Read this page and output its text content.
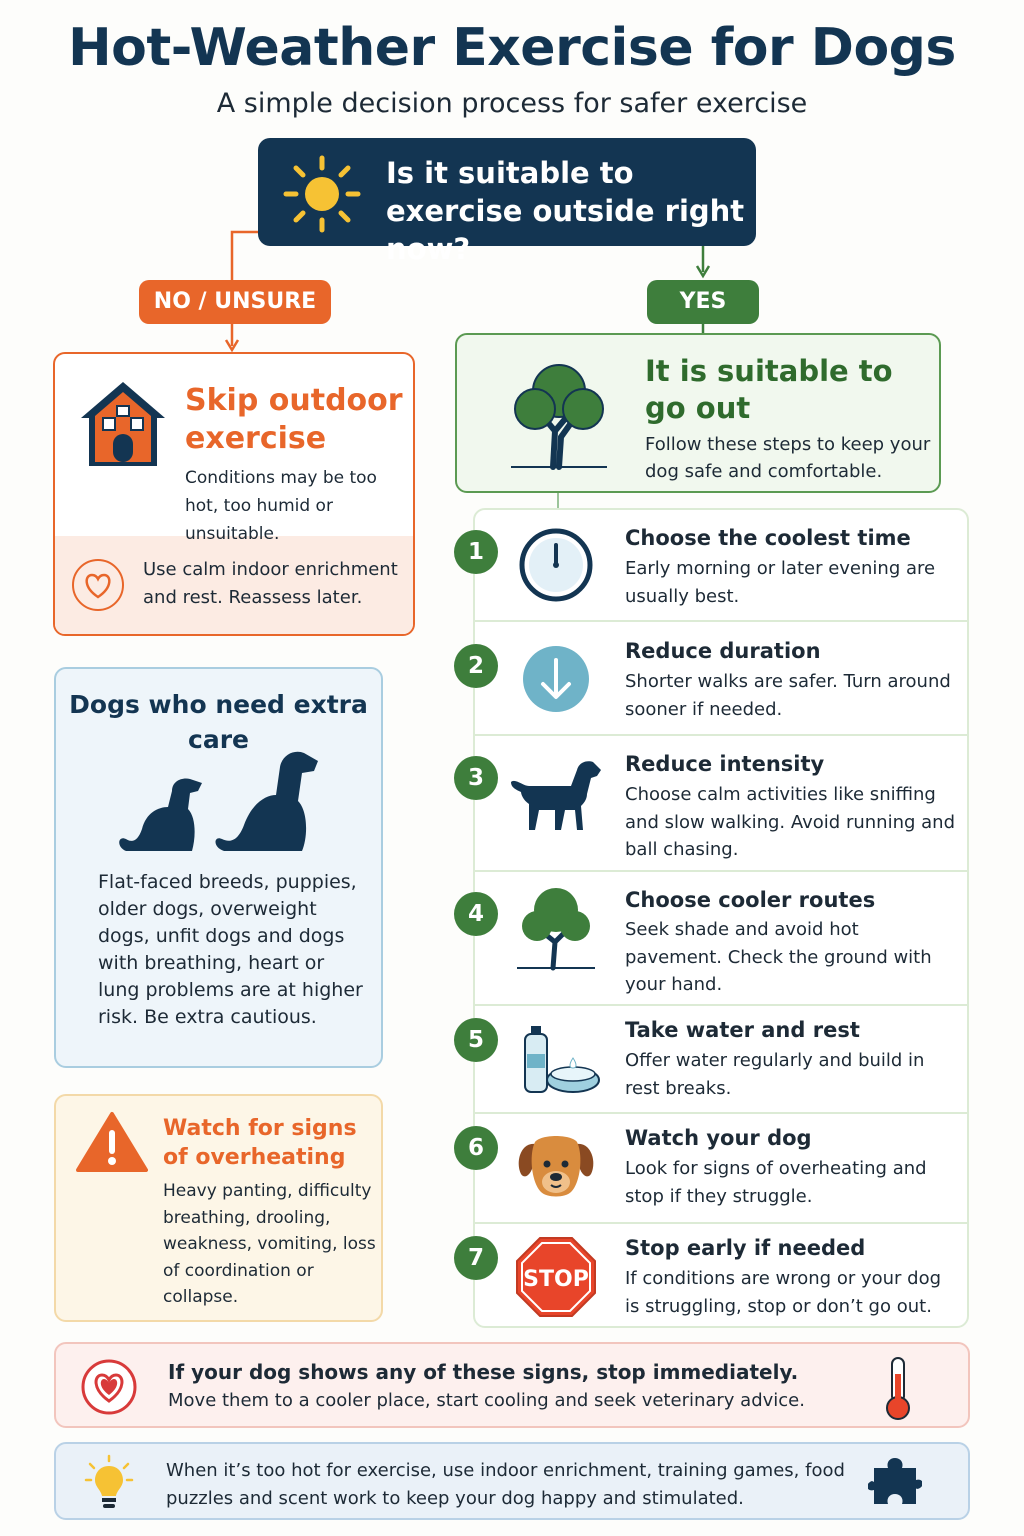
Hot-Weather Exercise for Dogs
A simple decision process for safer exercise
Is it suitable to exercise outside right now?
NO / UNSURE	YES
Skip outdoor exercise
Conditions may be too hot, too humid or unsuitable.
Use calm indoor enrichment and rest. Reassess later.
It is suitable to go out
Follow these steps to keep your dog safe and comfortable.
Dogs who need extra care
Flat-faced breeds, puppies, older dogs, overweight dogs, unfit dogs and dogs with breathing, heart or lung problems are at higher risk. Be extra cautious.
Watch for signs of overheating
Heavy panting, difficulty breathing, drooling, weakness, vomiting, loss of coordination or collapse.
1
Choose the coolest time
Early morning or later evening are usually best.
2
Reduce duration
Shorter walks are safer. Turn around sooner if needed.
3
Reduce intensity
Choose calm activities like sniffing and slow walking. Avoid running and ball chasing.
4
Choose cooler routes
Seek shade and avoid hot pavement. Check the ground with your hand.
5	Take water and rest
Offer water regularly and build in rest breaks.
6	Watch your dog
Look for signs of overheating and stop if they struggle.
7
STOP
Stop early if needed
If conditions are wrong or your dog is struggling, stop or don’t go out.
If your dog shows any of these signs, stop immediately.
Move them to a cooler place, start cooling and seek veterinary advice.
When it’s too hot for exercise, use indoor enrichment, training games, food puzzles and scent work to keep your dog happy and stimulated.
